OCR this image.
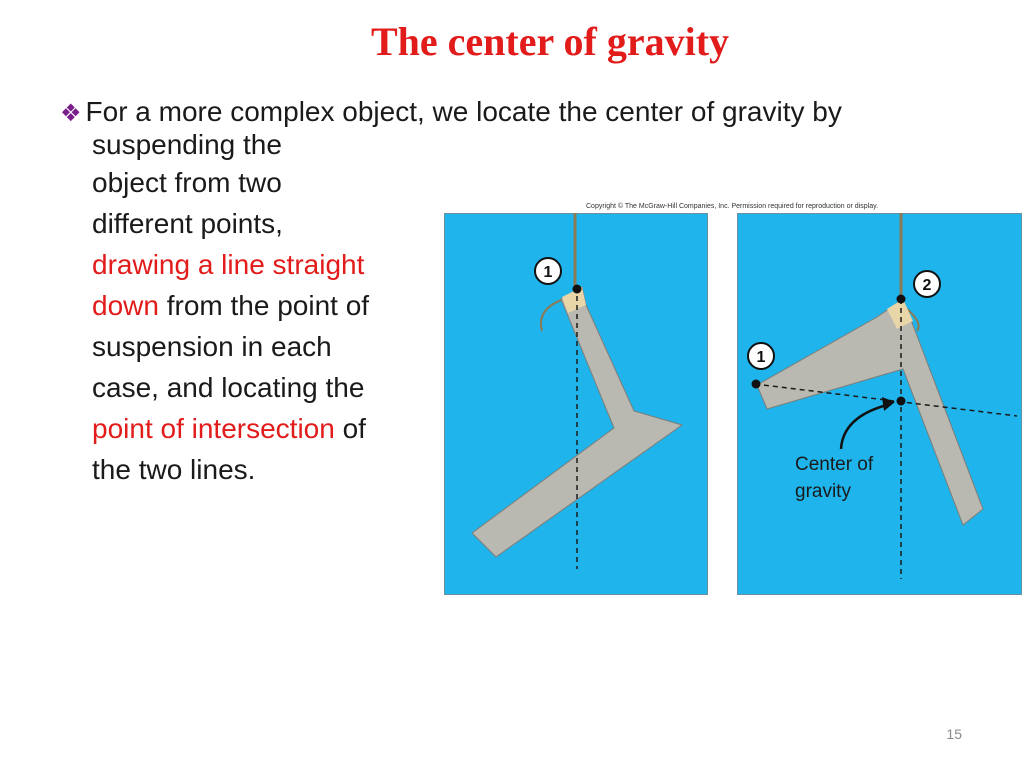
The center of gravity
❖ For a more complex object, we locate the center of gravity by
suspending the
object from two
different points,
drawing a line straight
down from the point of
suspension in each
case, and locating the
point of intersection of
the two lines.
Copyright © The McGraw-Hill Companies, Inc. Permission required for reproduction or display.
1
2
1
Center of
gravity
15
